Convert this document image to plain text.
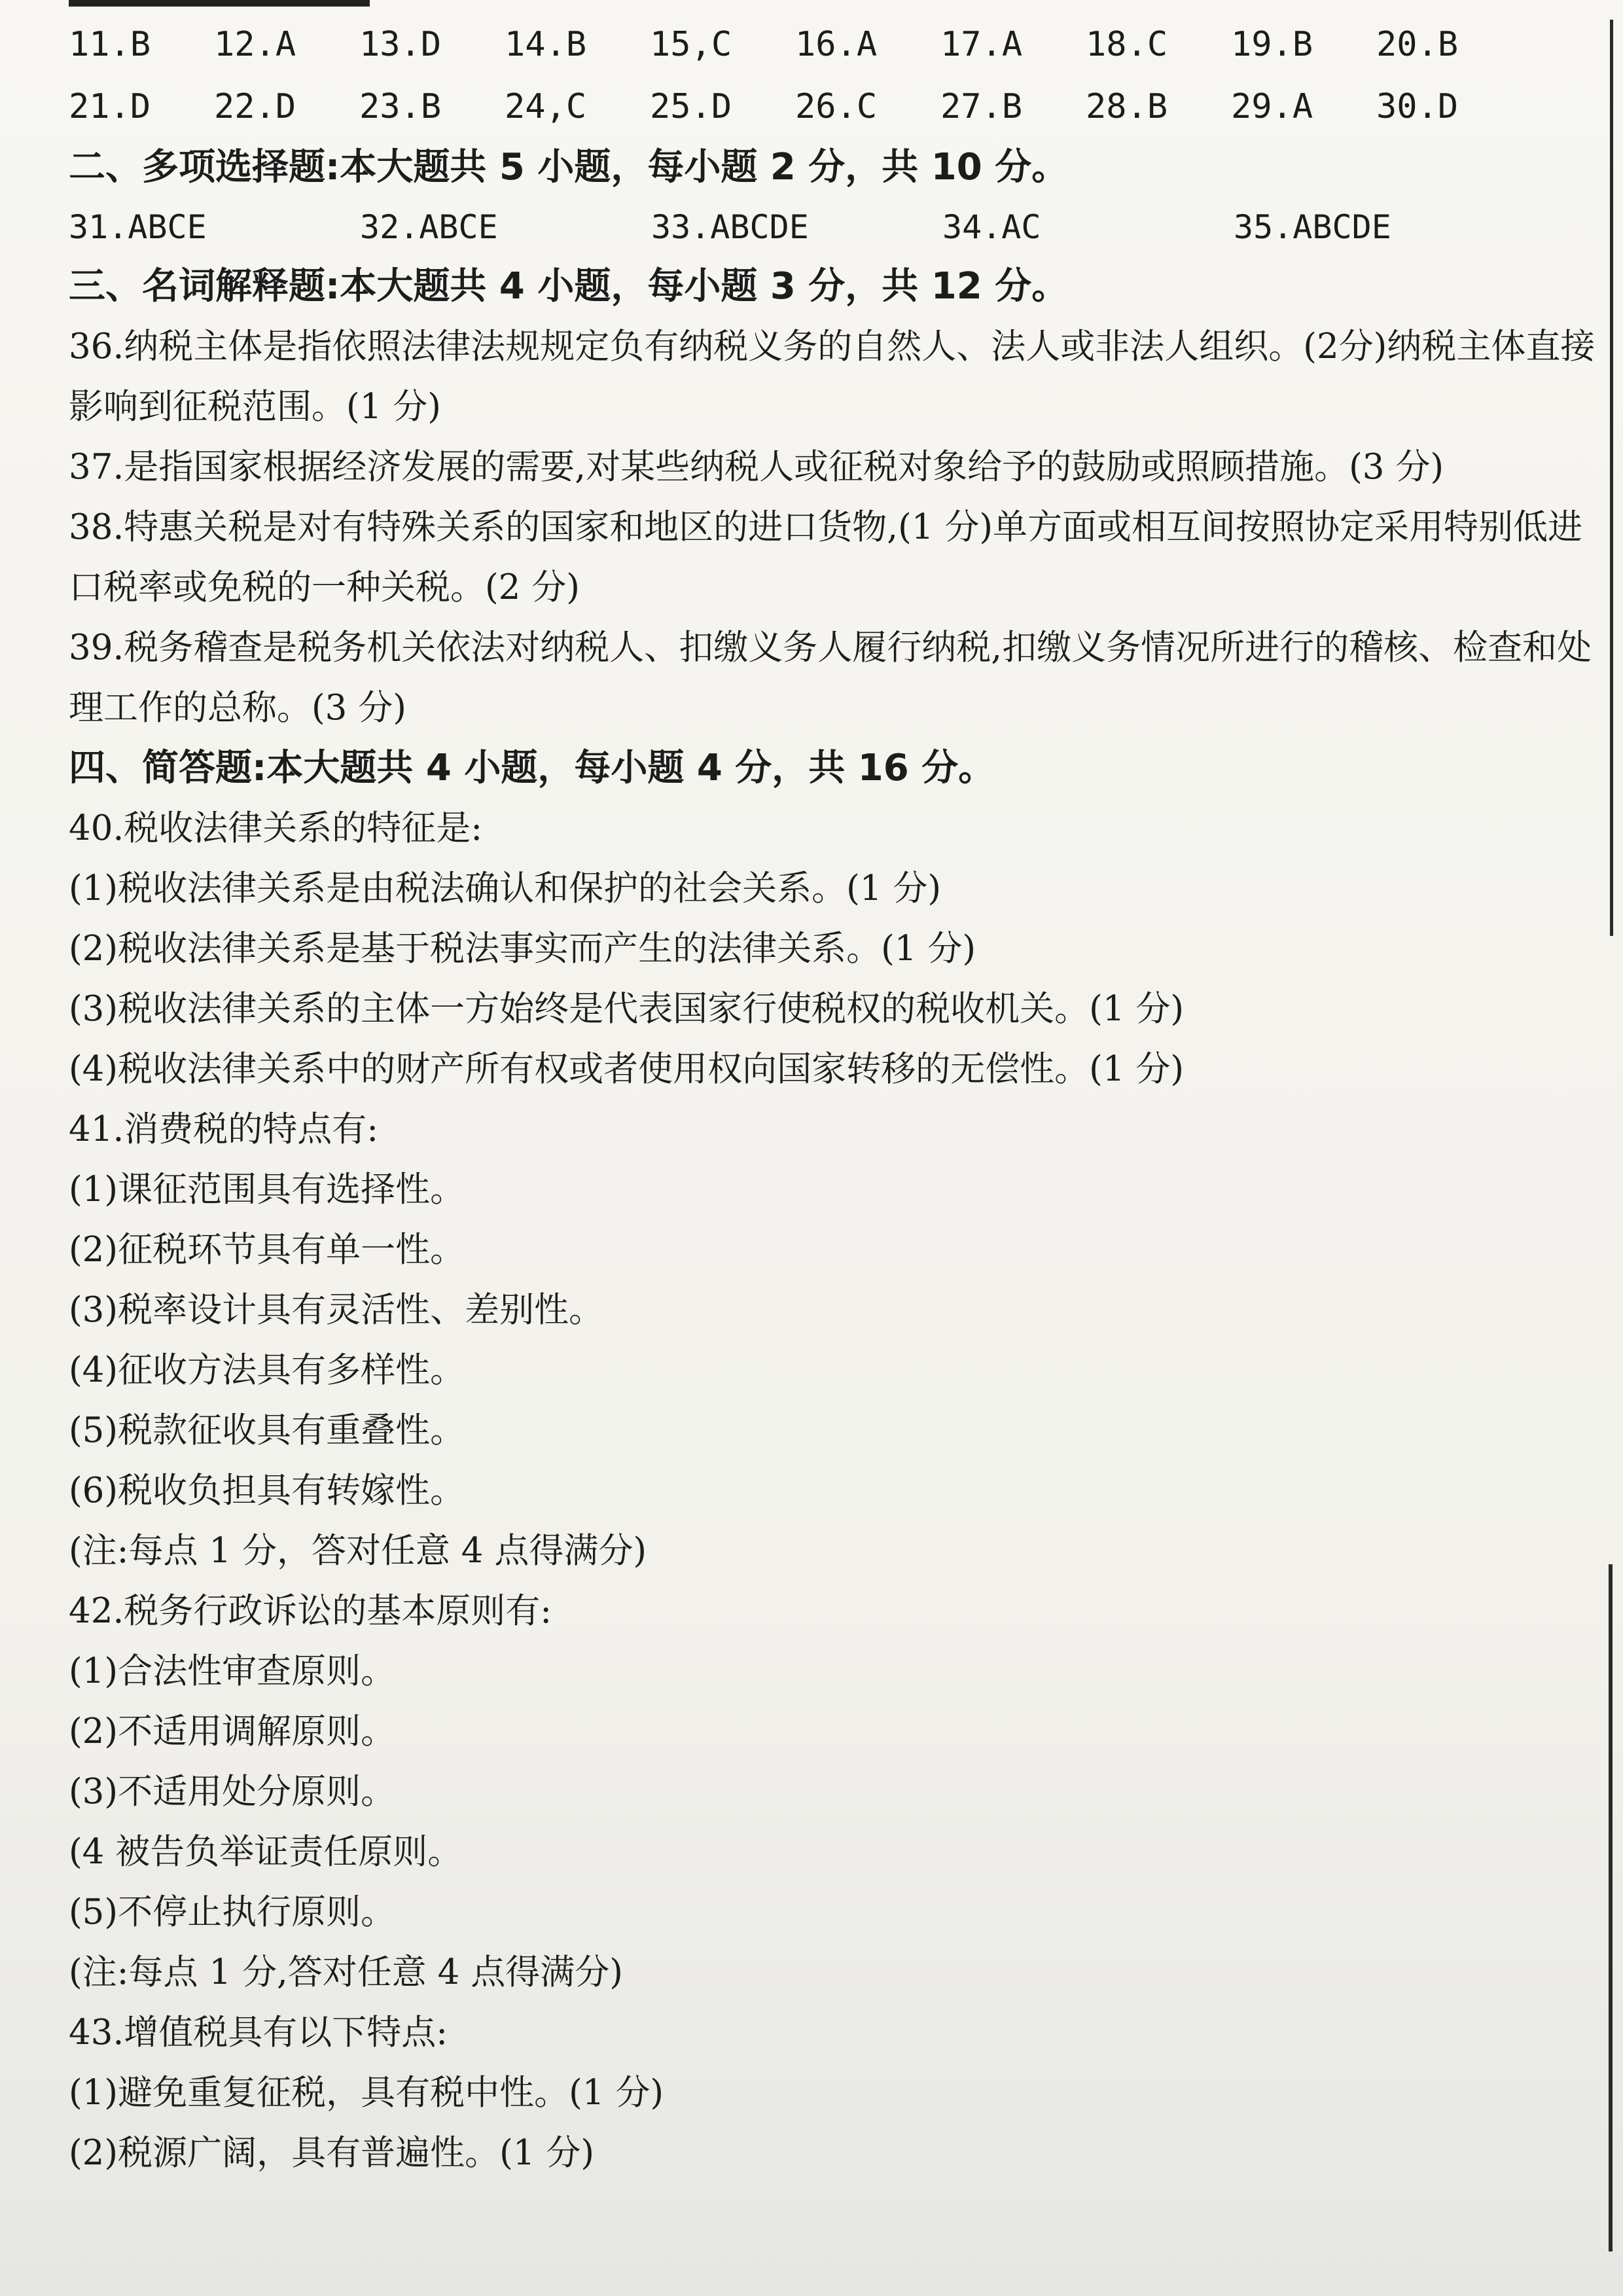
11.B	12.A	13.D	14.B	15,C	16.A	17.A	18.C	19.B	20.B
21.D	22.D	23.B	24,C	25.D	26.C	27.B	28.B	29.A	30.D
二、多项选择题:本大题共 5 小题，每小题 2 分，共 10 分。
31.ABCE	32.ABCE	33.ABCDE	34.AC	35.ABCDE
三、名词解释题:本大题共 4 小题，每小题 3 分，共 12 分。

36.纳税主体是指依照法律法规规定负有纳税义务的自然人、法人或非法人组织。(2分)纳税主体直接影响到征税范围。(1 分)

37.是指国家根据经济发展的需要,对某些纳税人或征税对象给予的鼓励或照顾措施。(3 分)

38.特惠关税是对有特殊关系的国家和地区的进口货物,(1 分)单方面或相互间按照协定采用特别低进口税率或免税的一种关税。(2 分)

39.税务稽查是税务机关依法对纳税人、扣缴义务人履行纳税,扣缴义务情况所进行的稽核、检查和处理工作的总称。(3 分)

四、简答题:本大题共 4 小题，每小题 4 分，共 16 分。
40.税收法律关系的特征是:
(1)税收法律关系是由税法确认和保护的社会关系。(1 分)
(2)税收法律关系是基于税法事实而产生的法律关系。(1 分)
(3)税收法律关系的主体一方始终是代表国家行使税权的税收机关。(1 分)
(4)税收法律关系中的财产所有权或者使用权向国家转移的无偿性。(1 分)
41.消费税的特点有:
(1)课征范围具有选择性。
(2)征税环节具有单一性。
(3)税率设计具有灵活性、差别性。
(4)征收方法具有多样性。
(5)税款征收具有重叠性。
(6)税收负担具有转嫁性。
(注:每点 1 分，答对任意 4 点得满分)
42.税务行政诉讼的基本原则有:
(1)合法性审查原则。
(2)不适用调解原则。
(3)不适用处分原则。
(4 被告负举证责任原则。
(5)不停止执行原则。
(注:每点 1 分,答对任意 4 点得满分)
43.增值税具有以下特点:
(1)避免重复征税，具有税中性。(1 分)
(2)税源广阔，具有普遍性。(1 分)
